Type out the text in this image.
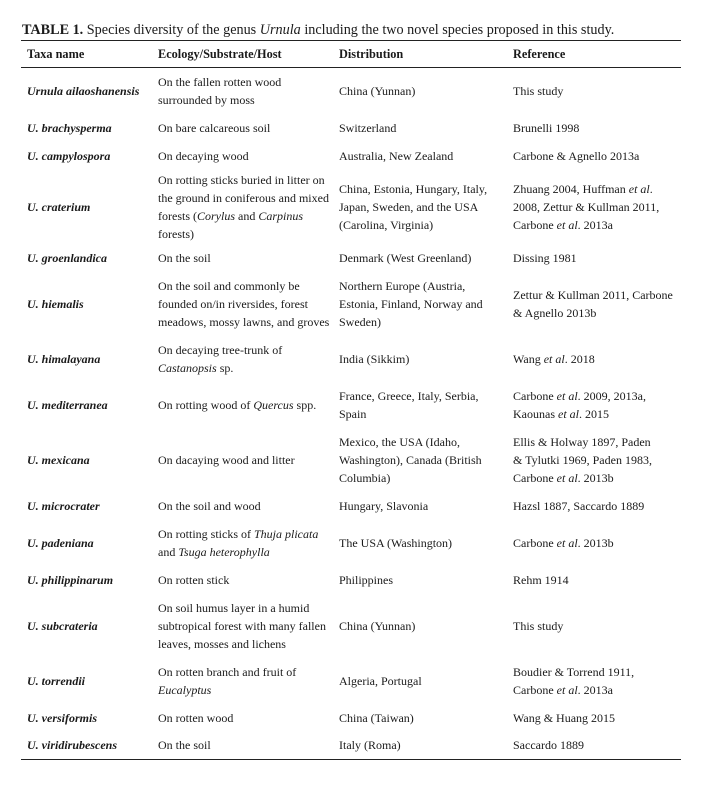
TABLE 1. Species diversity of the genus Urnula including the two novel species proposed in this study.
Taxa name	Ecology/Substrate/Host	Distribution	Reference
Urnula ailaoshanensis	On the fallen rotten wood
surrounded by moss	China (Yunnan)	This study
U. brachysperma	On bare calcareous soil	Switzerland	Brunelli 1998
U. campylospora	On decaying wood	Australia, New Zealand	Carbone & Agnello 2013a
U. craterium	On rotting sticks buried in litter on
the ground in coniferous and mixed
forests (Corylus and Carpinus
forests)	China, Estonia, Hungary, Italy,
Japan, Sweden, and the USA
(Carolina, Virginia)	Zhuang 2004, Huffman et al.
2008, Zettur & Kullman 2011,
Carbone et al. 2013a
U. groenlandica	On the soil	Denmark (West Greenland)	Dissing 1981
U. hiemalis	On the soil and commonly be
founded on/in riversides, forest
meadows, mossy lawns, and groves	Northern Europe (Austria,
Estonia, Finland, Norway and
Sweden)	Zettur & Kullman 2011, Carbone
& Agnello 2013b
U. himalayana	On decaying tree-trunk of
Castanopsis sp.	India (Sikkim)	Wang et al. 2018
U. mediterranea	On rotting wood of Quercus spp.	France, Greece, Italy, Serbia,
Spain	Carbone et al. 2009, 2013a,
Kaounas et al. 2015
U. mexicana	On dacaying wood and litter	Mexico, the USA (Idaho,
Washington), Canada (British
Columbia)	Ellis & Holway 1897, Paden
& Tylutki 1969, Paden 1983,
Carbone et al. 2013b
U. microcrater	On the soil and wood	Hungary, Slavonia	Hazsl 1887, Saccardo 1889
U. padeniana	On rotting sticks of Thuja plicata
and Tsuga heterophylla	The USA (Washington)	Carbone et al. 2013b
U. philippinarum	On rotten stick	Philippines	Rehm 1914
U. subcrateria	On soil humus layer in a humid
subtropical forest with many fallen
leaves, mosses and lichens	China (Yunnan)	This study
U. torrendii	On rotten branch and fruit of
Eucalyptus	Algeria, Portugal	Boudier & Torrend 1911,
Carbone et al. 2013a
U. versiformis	On rotten wood	China (Taiwan)	Wang & Huang 2015
U. viridirubescens	On the soil	Italy (Roma)	Saccardo 1889
